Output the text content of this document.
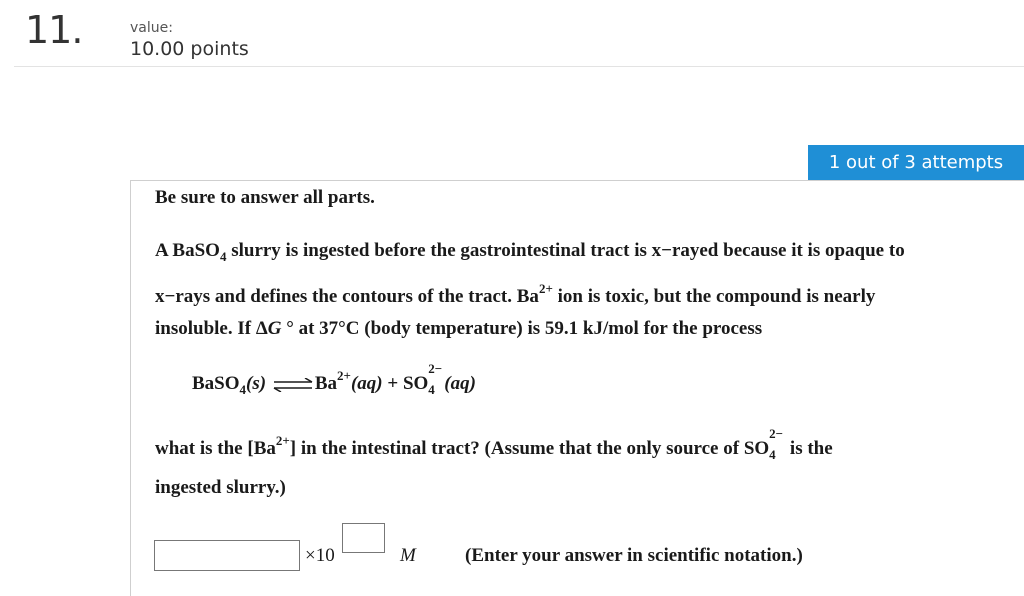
11.	value:
10.00 points
1 out of 3 attempts
Be sure to answer all parts.
A BaSO$_4$ slurry is ingested before the gastrointestinal tract is x−rayed because it is opaque to
x−rays and defines the contours of the tract. $Ba^{2+}$ ion is toxic, but the compound is nearly
insoluble. If ΔG ° at 37°C (body temperature) is 59.1 kJ/mol for the process
BaSO$_4$(s) ⇌ $Ba^{2+}(aq) + SO_4$
2−
(aq)
what is the $[Ba^{2+}]$ in the intestinal tract? (Assume that the only source of $SO_4$
2−
is the
ingested slurry.)
×10	M	(Enter your answer in scientific notation.)
